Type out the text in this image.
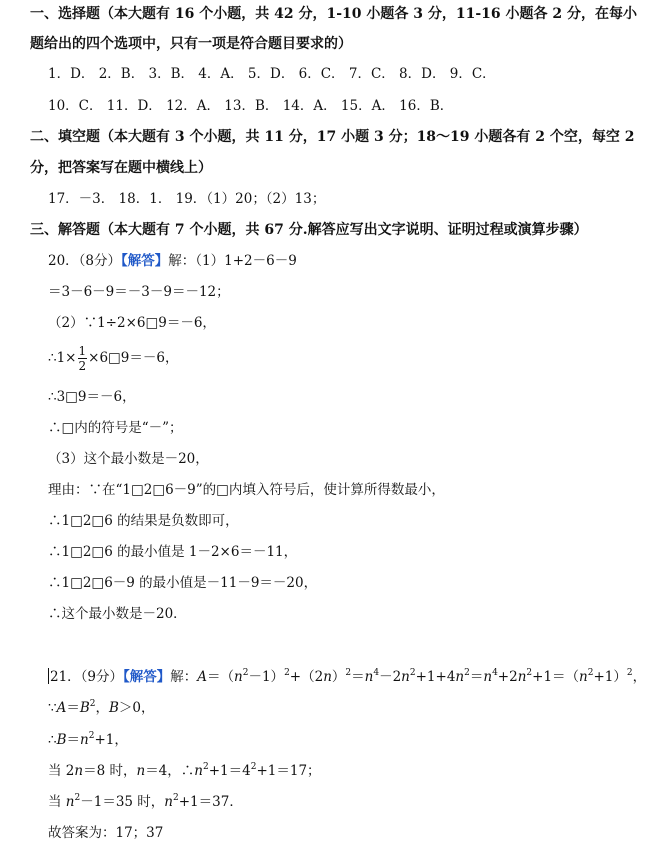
一、选择题（本大题有 16 个小题，共 42 分，1-10 小题各 3 分，11-16 小题各 2 分，在每小
题给出的四个选项中，只有一项是符合题目要求的）
1．D． 2．B． 3．B． 4．A． 5．D． 6．C． 7．C． 8．D． 9．C．
10．C． 11．D． 12．A． 13．B． 14．A． 15．A． 16．B．
二、填空题（本大题有 3 个小题，共 11 分，17 小题 3 分；18～19 小题各有 2 个空，每空 2
分，把答案写在题中横线上）
17．－3． 18．1． 19．（1）20；（2）13；
三、解答题（本大题有 7 个小题，共 67 分.解答应写出文字说明、证明过程或演算步骤）
20．（8分）【解答】解：（1）1+2－6－9
＝3－6－9＝－3－9＝－12；
（2）∵1÷2×6□9＝－6，
∴1× $\frac{1}{2}$ ×6□9＝－6，
∴3□9＝－6，
∴□内的符号是“－”；
（3）这个最小数是－20，
理由：∵在“1□2□6－9”的□内填入符号后，使计算所得数最小，
∴1□2□6 的结果是负数即可，
∴1□2□6 的最小值是 1－2×6＝－11，
∴1□2□6－9 的最小值是－11－9＝－20，
∴这个最小数是－20．
21．（9分）【解答】解：$A=(n^2-1)^2+(2n)^2=n^4-2n^2+1+4n^2=n^4+2n^2+1=(n^2+1)^2$，
$\because A=B^2$，B＞0，
$\therefore B=n^2+1$，
当 2n＝8 时，n＝4，$\therefore n^2+1=4^2+1=17$；
当 $n^2-1=35$ 时，$n^2+1=37$．
故答案为：17；37
